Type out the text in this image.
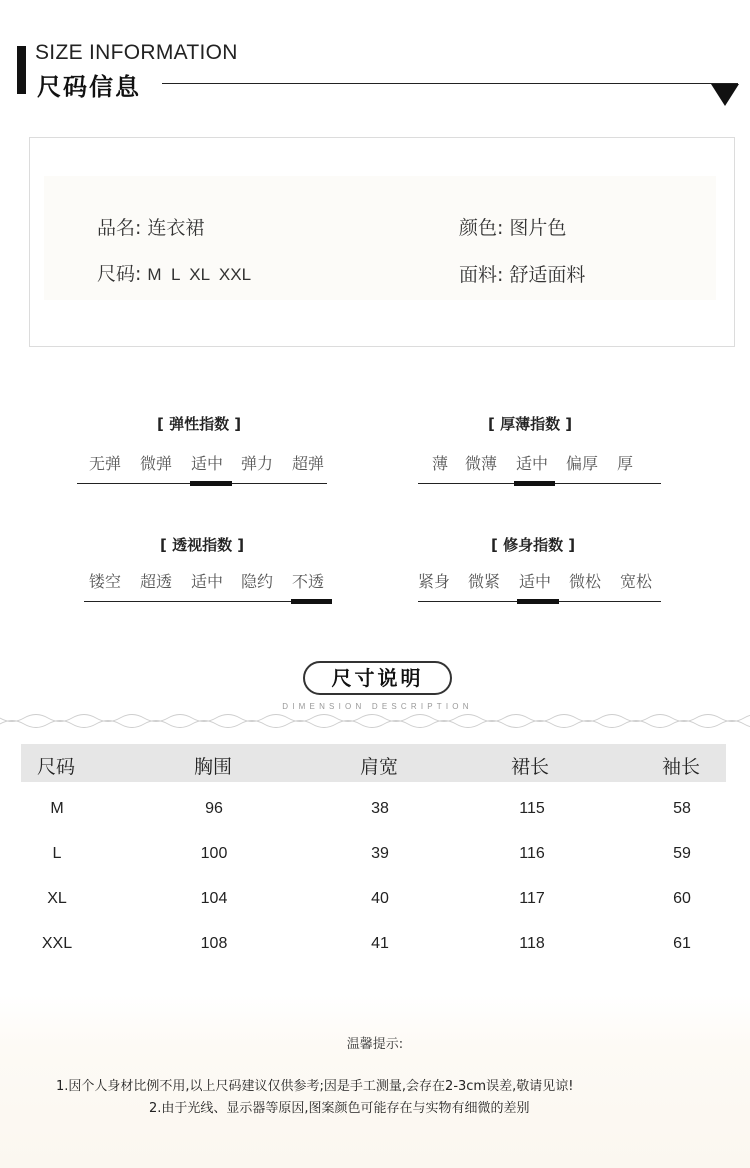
SIZE INFORMATION
尺码信息
品名: 连衣裙	颜色: 图片色
尺码: M  L  XL  XXL	面料: 舒适面料
[ 弹性指数 ]
无弹 微弹 适中 弹力 超弹
[ 厚薄指数 ]
薄 微薄 适中 偏厚 厚
[ 透视指数 ]
镂空 超透 适中 隐约 不透
[ 修身指数 ]
紧身 微紧 适中 微松 宽松
尺寸说明
DIMENSION DESCRIPTION
尺码	胸围	肩宽	裙长	袖长
M	96	38	115	58
L	100	39	116	59
XL	104	40	117	60
XXL	108	41	118	61
温馨提示:
1.因个人身材比例不用,以上尺码建议仅供参考;因是手工测量,会存在2-3cm误差,敬请见谅!
2.由于光线、显示器等原因,图案颜色可能存在与实物有细微的差别
